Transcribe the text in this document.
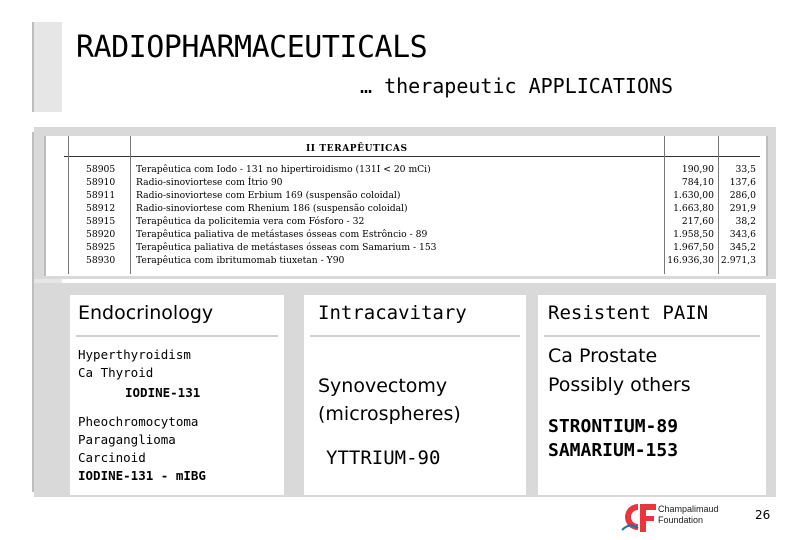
RADIOPHARMACEUTICALS
… therapeutic APPLICATIONS
II TERAPÊUTICAS
58905 Terapêutica com Iodo - 131 no hipertiroidismo (131I < 20 mCi)	190,90 33,5
58910 Radio-sinoviortese com Ítrio 90	784,10 137,6
58911 Radio-sinoviortese com Erbium 169 (suspensão coloidal)	1.630,00 286,0
58912 Radio-sinoviortese com Rhenium 186 (suspensão coloidal)	1.663,80 291,9
58915 Terapêutica da policitemia vera com Fósforo - 32	217,60 38,2
58920 Terapêutica paliativa de metástases ósseas com Estrôncio - 89	1.958,50 343,6
58925 Terapêutica paliativa de metástases ósseas com Samarium - 153	1.967,50 345,2
58930 Terapêutica com ibritumomab tiuxetan - Y90	16.936,30 2.971,3
Endocrinology
Hyperthyroidism
Ca Thyroid
IODINE-131
Pheochromocytoma
Paraganglioma
Carcinoid
IODINE-131 - mIBG
Intracavitary
Synovectomy
(microspheres)
YTTRIUM-90
Resistent PAIN
Ca Prostate
Possibly others
STRONTIUM-89
SAMARIUM-153
Champalimaud
Foundation	26
